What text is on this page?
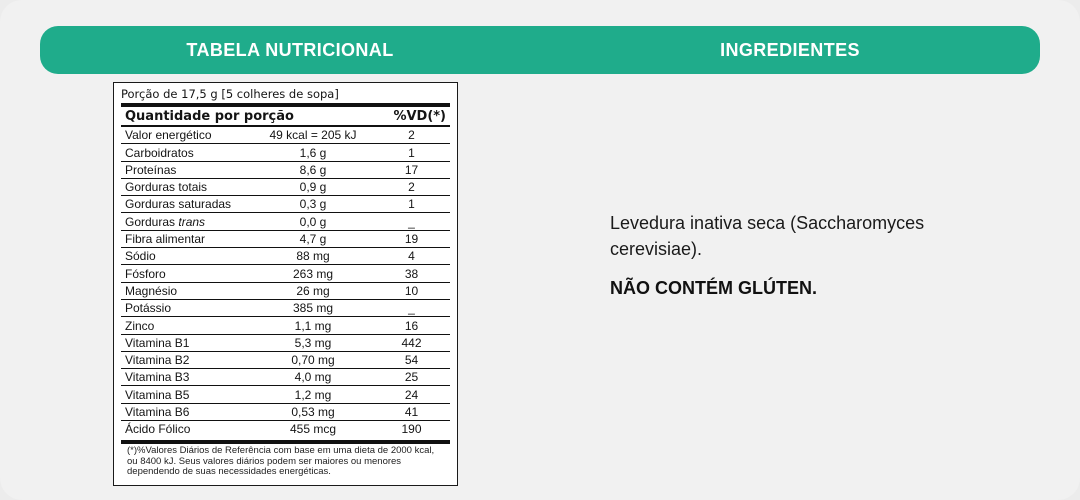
TABELA NUTRICIONAL	INGREDIENTES
Porção de 17,5 g [5 colheres de sopa]
Quantidade por porção	%VD(*)
Valor energético	49 kcal = 205 kJ	2
Carboidratos	1,6 g	1
Proteínas	8,6 g	17
Gorduras totais	0,9 g	2
Gorduras saturadas	0,3 g	1
Gorduras trans	0,0 g	_
Fibra alimentar	4,7 g	19
Sódio	88 mg	4
Fósforo	263 mg	38
Magnésio	26 mg	10
Potássio	385 mg	_
Zinco	1,1 mg	16
Vitamina B1	5,3 mg	442
Vitamina B2	0,70 mg	54
Vitamina B3	4,0 mg	25
Vitamina B5	1,2 mg	24
Vitamina B6	0,53 mg	41
Ácido Fólico	455 mcg	190
(*)%Valores Diários de Referência com base em uma dieta de 2000 kcal, ou 8400 kJ. Seus valores diários podem ser maiores ou menores dependendo de suas necessidades energéticas.
Levedura inativa seca (Saccharomyces cerevisiae).
NÃO CONTÉM GLÚTEN.
